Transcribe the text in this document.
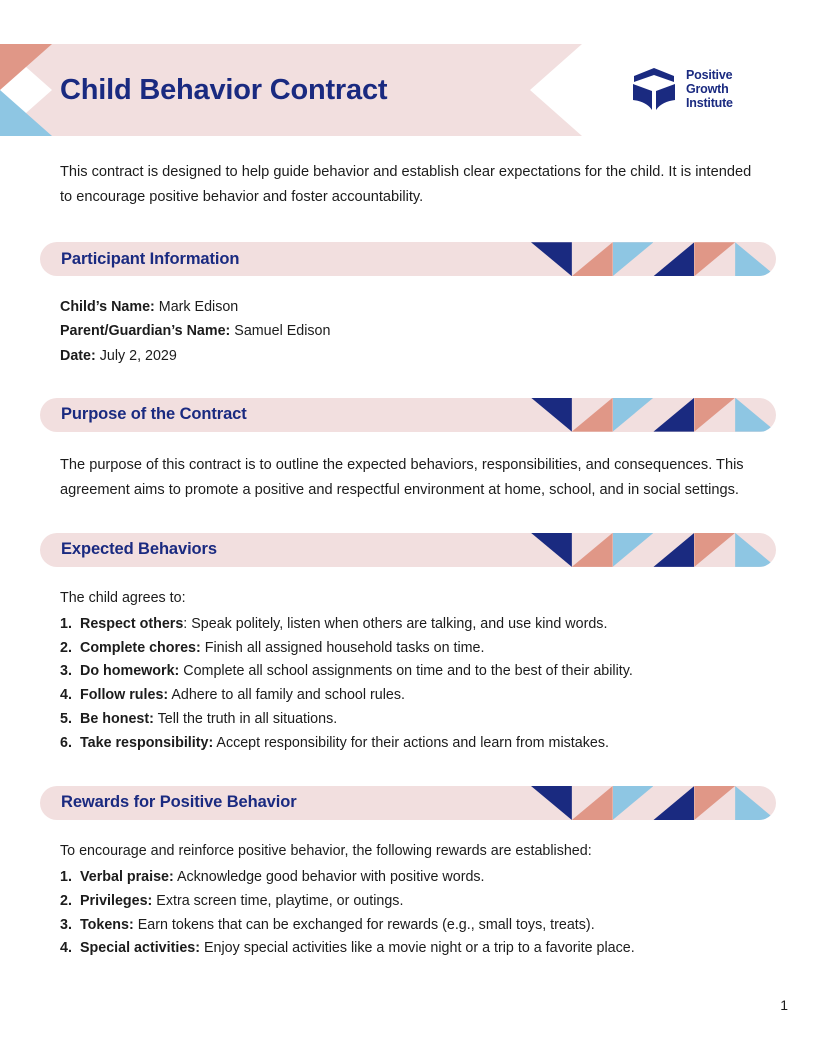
Child Behavior Contract	Positive
Growth
Institute

This contract is designed to help guide behavior and establish clear expectations for the child. It is intended to encourage positive behavior and foster accountability.

Participant Information
Child’s Name: Mark Edison
Parent/Guardian’s Name: Samuel Edison
Date: July 2, 2029
Purpose of the Contract

The purpose of this contract is to outline the expected behaviors, responsibilities, and consequences. This agreement aims to promote a positive and respectful environment at home, school, and in social settings.

Expected Behaviors

The child agrees to:

1. Respect others: Speak politely, listen when others are talking, and use kind words.
2. Complete chores: Finish all assigned household tasks on time.
3. Do homework: Complete all school assignments on time and to the best of their ability.
4. Follow rules: Adhere to all family and school rules.
5. Be honest: Tell the truth in all situations.
6. Take responsibility: Accept responsibility for their actions and learn from mistakes.
Rewards for Positive Behavior

To encourage and reinforce positive behavior, the following rewards are established:

1. Verbal praise: Acknowledge good behavior with positive words.
2. Privileges: Extra screen time, playtime, or outings.
3. Tokens: Earn tokens that can be exchanged for rewards (e.g., small toys, treats).
4. Special activities: Enjoy special activities like a movie night or a trip to a favorite place.
1
